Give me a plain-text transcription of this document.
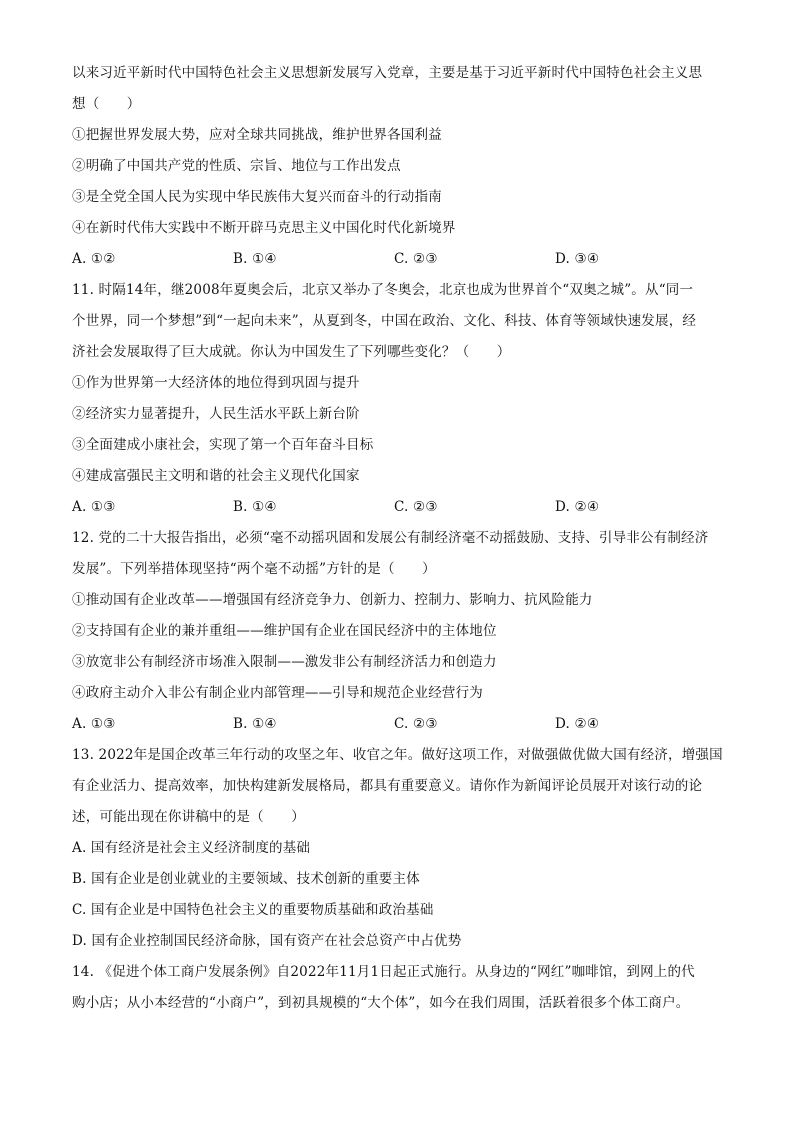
以来习近平新时代中国特色社会主义思想新发展写入党章，主要是基于习近平新时代中国特色社会主义思
想（　　）
①把握世界发展大势，应对全球共同挑战，维护世界各国利益
②明确了中国共产党的性质、宗旨、地位与工作出发点
③是全党全国人民为实现中华民族伟大复兴而奋斗的行动指南
④在新时代伟大实践中不断开辟马克思主义中国化时代化新境界
A. ①②	B. ①④	C. ②③	D. ③④
11. 时隔14年，继2008年夏奥会后，北京又举办了冬奥会，北京也成为世界首个“双奥之城”。从“同一
个世界，同一个梦想”到“一起向未来”，从夏到冬，中国在政治、文化、科技、体育等领域快速发展，经
济社会发展取得了巨大成就。你认为中国发生了下列哪些变化？（　　）
①作为世界第一大经济体的地位得到巩固与提升
②经济实力显著提升，人民生活水平跃上新台阶
③全面建成小康社会，实现了第一个百年奋斗目标
④建成富强民主文明和谐的社会主义现代化国家
A. ①③	B. ①④	C. ②③	D. ②④
12. 党的二十大报告指出，必须“毫不动摇巩固和发展公有制经济毫不动摇鼓励、支持、引导非公有制经济
发展”。下列举措体现坚持“两个毫不动摇”方针的是（　　）
①推动国有企业改革——增强国有经济竞争力、创新力、控制力、影响力、抗风险能力
②支持国有企业的兼并重组——维护国有企业在国民经济中的主体地位
③放宽非公有制经济市场准入限制——激发非公有制经济活力和创造力
④政府主动介入非公有制企业内部管理——引导和规范企业经营行为
A. ①③	B. ①④	C. ②③	D. ②④
13. 2022年是国企改革三年行动的攻坚之年、收官之年。做好这项工作，对做强做优做大国有经济，增强国
有企业活力、提高效率，加快构建新发展格局，都具有重要意义。请你作为新闻评论员展开对该行动的论
述，可能出现在你讲稿中的是（　　）
A. 国有经济是社会主义经济制度的基础
B. 国有企业是创业就业的主要领域、技术创新的重要主体
C. 国有企业是中国特色社会主义的重要物质基础和政治基础
D. 国有企业控制国民经济命脉，国有资产在社会总资产中占优势
14. 《促进个体工商户发展条例》自2022年11月1日起正式施行。从身边的“网红”咖啡馆，到网上的代
购小店；从小本经营的“小商户”，到初具规模的“大个体”，如今在我们周围，活跃着很多个体工商户。
